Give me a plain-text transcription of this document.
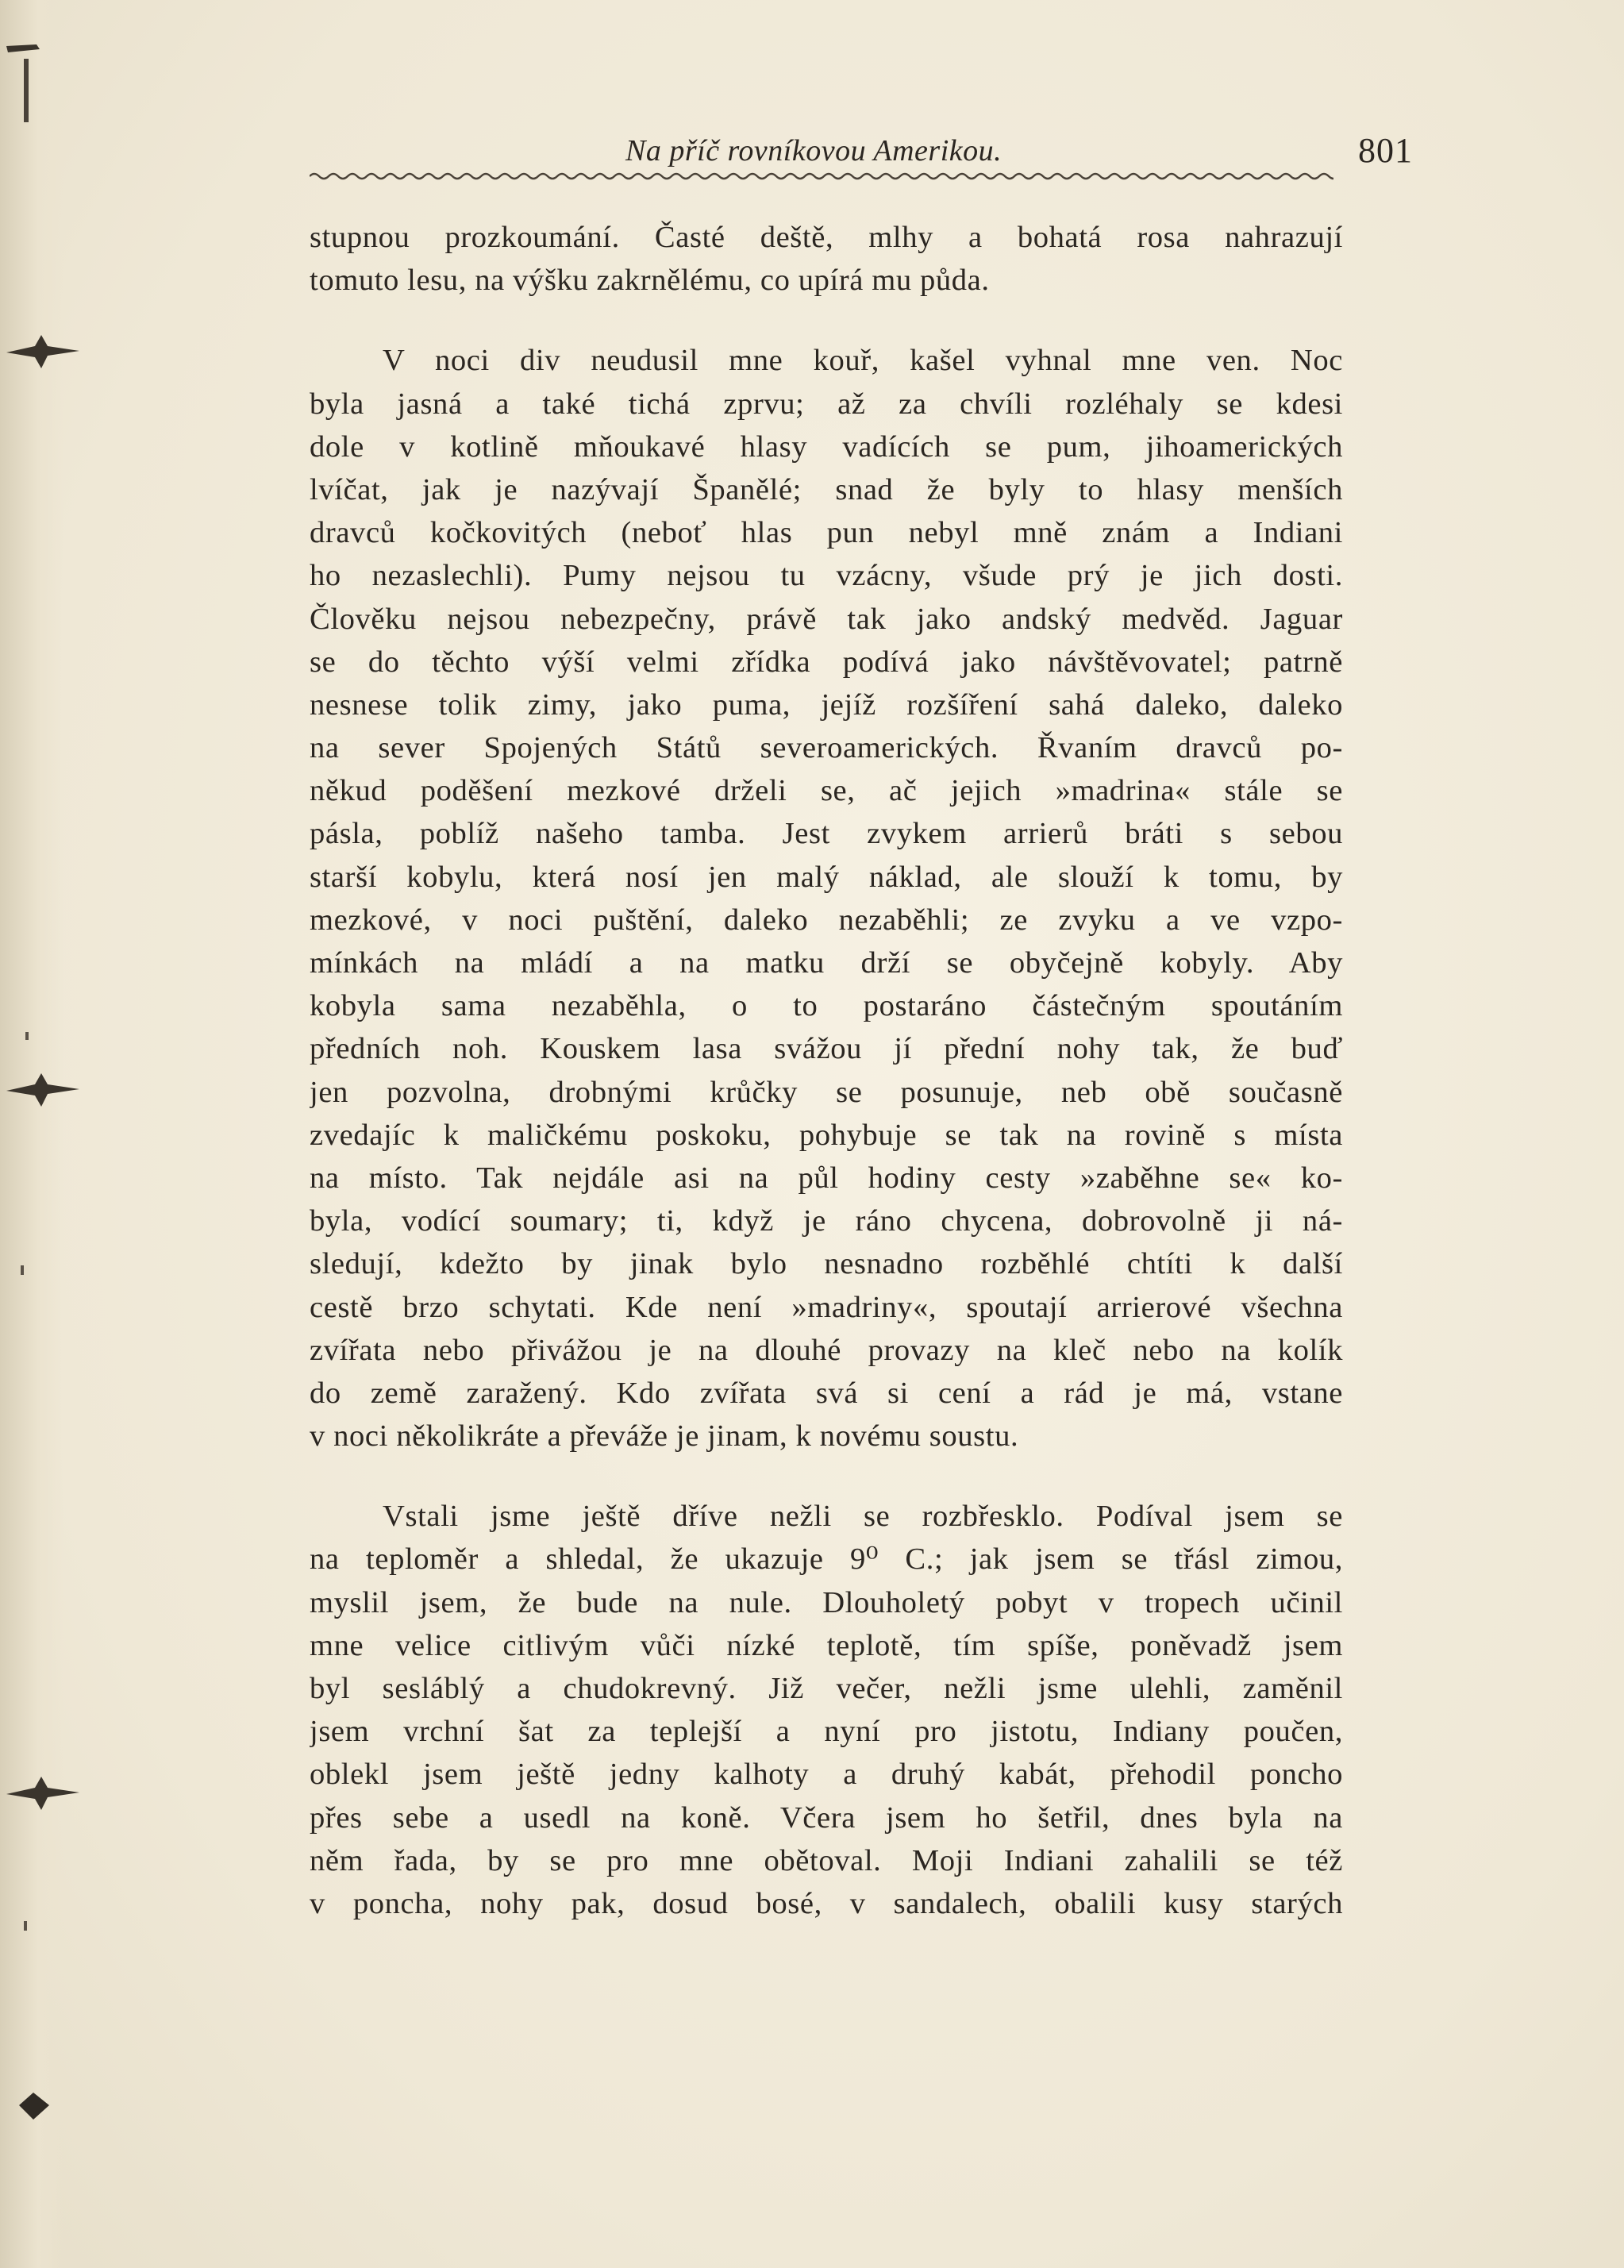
Na příč rovníkovou Amerikou.	801
stupnou prozkoumání. Časté deště, mlhy a bohatá rosa nahrazují
tomuto lesu, na výšku zakrnělému, co upírá mu půda.
V noci div neudusil mne kouř, kašel vyhnal mne ven. Noc
byla jasná a také tichá zprvu; až za chvíli rozléhaly se kdesi
dole v kotlině mňoukavé hlasy vadících se pum, jihoamerických
lvíčat, jak je nazývají Španělé; snad že byly to hlasy menších
dravců kočkovitých (neboť hlas pun nebyl mně znám a Indiani
ho nezaslechli). Pumy nejsou tu vzácny, všude prý je jich dosti.
Člověku nejsou nebezpečny, právě tak jako andský medvěd. Jaguar
se do těchto výší velmi zřídka podívá jako návštěvovatel; patrně
nesnese tolik zimy, jako puma, jejíž rozšíření sahá daleko, daleko
na sever Spojených Států severoamerických. Řvaním dravců po-
někud poděšení mezkové drželi se, ač jejich »madrina« stále se
pásla, poblíž našeho tamba. Jest zvykem arrierů bráti s sebou
starší kobylu, která nosí jen malý náklad, ale slouží k tomu, by
mezkové, v noci puštění, daleko nezaběhli; ze zvyku a ve vzpo-
mínkách na mládí a na matku drží se obyčejně kobyly. Aby
kobyla sama nezaběhla, o to postaráno částečným spoutáním
předních noh. Kouskem lasa svážou jí přední nohy tak, že buď
jen pozvolna, drobnými krůčky se posunuje, neb obě současně
zvedajíc k maličkému poskoku, pohybuje se tak na rovině s místa
na místo. Tak nejdále asi na půl hodiny cesty »zaběhne se« ko-
byla, vodící soumary; ti, když je ráno chycena, dobrovolně ji ná-
sledují, kdežto by jinak bylo nesnadno rozběhlé chtíti k další
cestě brzo schytati. Kde není »madriny«, spoutají arrierové všechna
zvířata nebo přivážou je na dlouhé provazy na kleč nebo na kolík
do země zaražený. Kdo zvířata svá si cení a rád je má, vstane
v noci několikráte a převáže je jinam, k novému soustu.
Vstali jsme ještě dříve nežli se rozbřesklo. Podíval jsem se
na teploměr a shledal, že ukazuje 9⁰ C.; jak jsem se třásl zimou,
myslil jsem, že bude na nule. Dlouholetý pobyt v tropech učinil
mne velice citlivým vůči nízké teplotě, tím spíše, poněvadž jsem
byl sesláblý a chudokrevný. Již večer, nežli jsme ulehli, zaměnil
jsem vrchní šat za teplejší a nyní pro jistotu, Indiany poučen,
oblekl jsem ještě jedny kalhoty a druhý kabát, přehodil poncho
přes sebe a usedl na koně. Včera jsem ho šetřil, dnes byla na
něm řada, by se pro mne obětoval. Moji Indiani zahalili se též
v poncha, nohy pak, dosud bosé, v sandalech, obalili kusy starých
